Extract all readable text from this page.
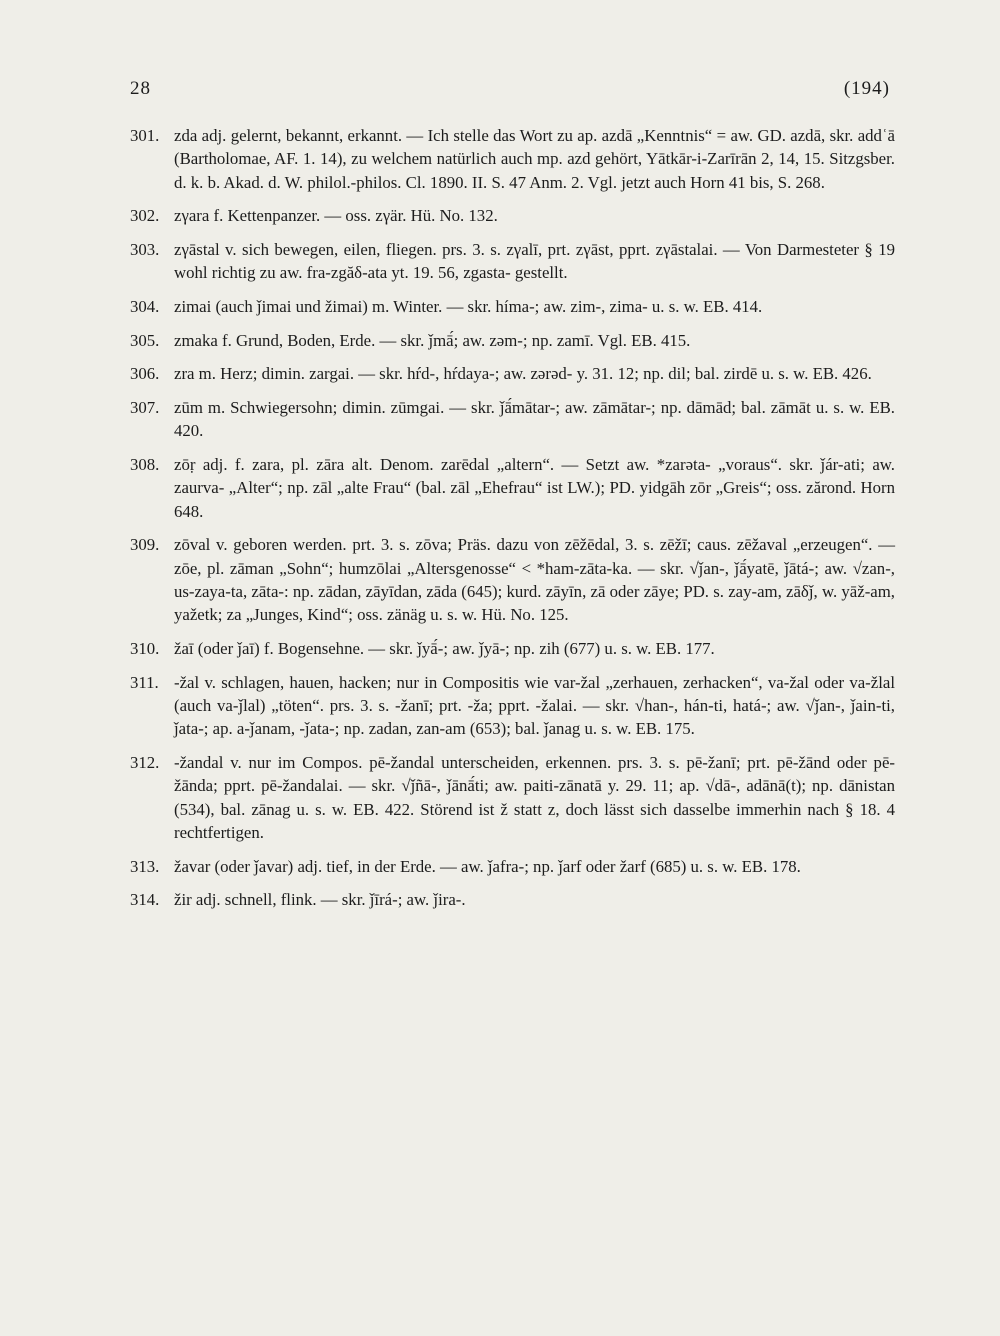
28	(194)
301. zda adj. gelernt, bekannt, erkannt. — Ich stelle das Wort zu ap. azdā „Kenntnis“ = aw. GD. azdā, skr. addʿā (Bartholomae, AF. 1. 14), zu welchem natürlich auch mp. azd gehört, Yātkār-i-Zarīrān 2, 14, 15. Sitzgsber. d. k. b. Akad. d. W. philol.-philos. Cl. 1890. II. S. 47 Anm. 2. Vgl. jetzt auch Horn 41 bis, S. 268.
302. zγara f. Kettenpanzer. — oss. zγär. Hü. No. 132.
303. zγāstal v. sich bewegen, eilen, fliegen. prs. 3. s. zγalī, prt. zγāst, pprt. zγāstalai. — Von Darmesteter § 19 wohl richtig zu aw. fra-zgăδ-ata yt. 19. 56, zgasta- gestellt.
304. zimai (auch ǰimai und žimai) m. Winter. — skr. híma-; aw. zim-, zima- u. s. w. EB. 414.
305. zmaka f. Grund, Boden, Erde. — skr. ǰmā́; aw. zəm-; np. zamī. Vgl. EB. 415.
306. zra m. Herz; dimin. zargai. — skr. hŕd-, hŕdaya-; aw. zərəd- y. 31. 12; np. dil; bal. zirdē u. s. w. EB. 426.
307. zūm m. Schwiegersohn; dimin. zūmgai. — skr. ǰā́mātar-; aw. zāmātar-; np. dāmād; bal. zāmāt u. s. w. EB. 420.
308. zōṛ adj. f. zara, pl. zāra alt. Denom. zarēdal „altern“. — Setzt aw. *zarəta- „voraus“. skr. ǰár-ati; aw. zaurva- „Alter“; np. zāl „alte Frau“ (bal. zāl „Ehefrau“ ist LW.); PD. yidgāh zōr „Greis“; oss. zărond. Horn 648.
309. zōval v. geboren werden. prt. 3. s. zōva; Präs. dazu von zēžēdal, 3. s. zēžī; caus. zēžaval „erzeugen“. — zōe, pl. zāman „Sohn“; humzōlai „Altersgenosse“ < *ham-zāta-ka. — skr. √ǰan-, ǰā́yatē, ǰātá-; aw. √zan-, us-zaya-ta, zāta-: np. zādan, zāyīdan, zāda (645); kurd. zāyīn, zā oder zāye; PD. s. zay-am, zāδǰ, w. yāž-am, yažetk; za „Junges, Kind“; oss. zänäg u. s. w. Hü. No. 125.
310. žaī (oder ǰaī) f. Bogensehne. — skr. ǰyā́-; aw. ǰyā-; np. zih (677) u. s. w. EB. 177.
311. -žal v. schlagen, hauen, hacken; nur in Compositis wie var-žal „zerhauen, zerhacken“, va-žal oder va-žlal (auch va-ǰlal) „töten“. prs. 3. s. -žanī; prt. -ža; pprt. -žalai. — skr. √han-, hán-ti, hatá-; aw. √ǰan-, ǰain-ti, ǰata-; ap. a-ǰanam, -ǰata-; np. zadan, zan-am (653); bal. ǰanag u. s. w. EB. 175.
312. -žandal v. nur im Compos. pē-žandal unterscheiden, erkennen. prs. 3. s. pē-žanī; prt. pē-žānd oder pē-žānda; pprt. pē-žandalai. — skr. √ǰñā-, ǰānā́ti; aw. paiti-zānatā y. 29. 11; ap. √dā-, adānā(t); np. dānistan (534), bal. zānag u. s. w. EB. 422. Störend ist ž statt z, doch lässt sich dasselbe immerhin nach § 18. 4 rechtfertigen.
313. žavar (oder ǰavar) adj. tief, in der Erde. — aw. ǰafra-; np. ǰarf oder žarf (685) u. s. w. EB. 178.
314. žir adj. schnell, flink. — skr. ǰīrá-; aw. ǰira-.
